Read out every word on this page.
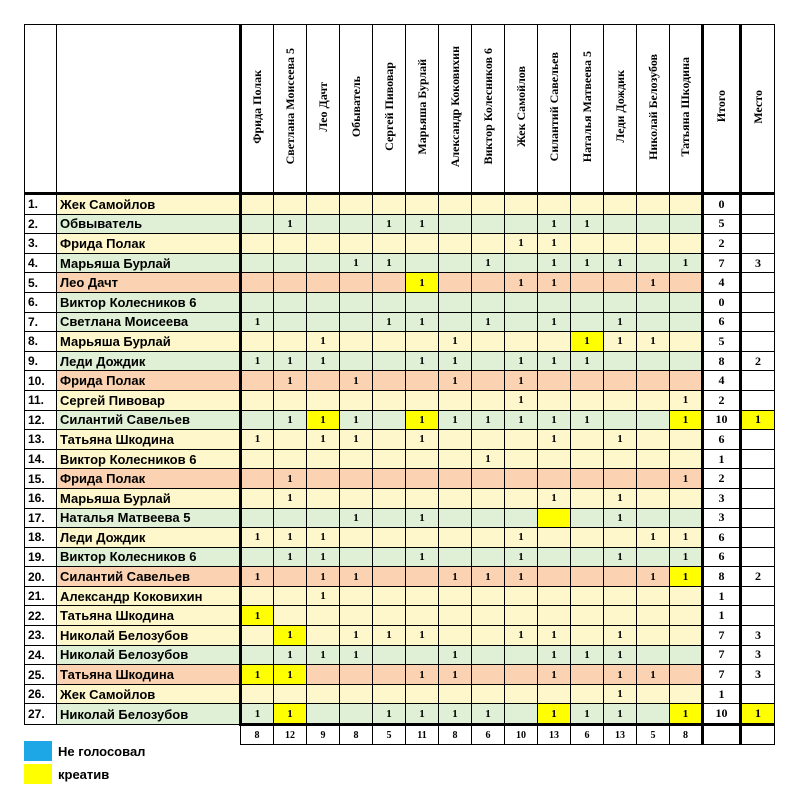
		Фрида Полак	Светлана Моисеева 5	Лео Дачт	Обыватель	Сергей Пивовар	Марьяша Бурлай	Александр Коковихин	Виктор Колесников 6	Жек Самойлов	Силантий Савельев	Наталья Матвеева 5	Леди Дождик	Николай Белозубов	Татьяна Шкодина	Итого	Место
1.	Жек Самойлов															0	
2.	Обвыватель		1			1	1				1	1				5	
3.	Фрида Полак									1	1					2	
4.	Марьяша Бурлай				1	1			1		1	1	1		1	7	3
5.	Лео Дачт						1			1	1			1		4	
6.	Виктор Колесников 6															0	
7.	Светлана Моисеева	1				1	1		1		1		1			6	
8.	Марьяша Бурлай			1				1				1	1	1		5	
9.	Леди Дождик	1	1	1			1	1		1	1	1				8	2
10.	Фрида Полак		1		1			1		1						4	
11.	Сергей Пивовар									1					1	2	
12.	Силантий Савельев		1	1	1		1	1	1	1	1	1			1	10	1
13.	Татьяна Шкодина	1		1	1		1				1		1			6	
14.	Виктор Колесников 6								1							1	
15.	Фрида Полак		1												1	2	
16.	Марьяша Бурлай		1								1		1			3	
17.	Наталья Матвеева 5				1		1						1			3	
18.	Леди Дождик	1	1	1						1				1	1	6	
19.	Виктор Колесников 6		1	1			1			1			1		1	6	
20.	Силантий Савельев	1		1	1			1	1	1				1	1	8	2
21.	Александр Коковихин			1												1	
22.	Татьяна Шкодина	1														1	
23.	Николай Белозубов		1		1	1	1			1	1		1			7	3
24.	Николай Белозубов		1	1	1			1			1	1	1			7	3
25.	Татьяна Шкодина	1	1				1	1			1		1	1		7	3
26.	Жек Самойлов												1			1	
27.	Николай Белозубов	1	1			1	1	1	1		1	1	1		1	10	1
		8	12	9	8	5	11	8	6	10	13	6	13	5	8		
Не голосовал
креатив
